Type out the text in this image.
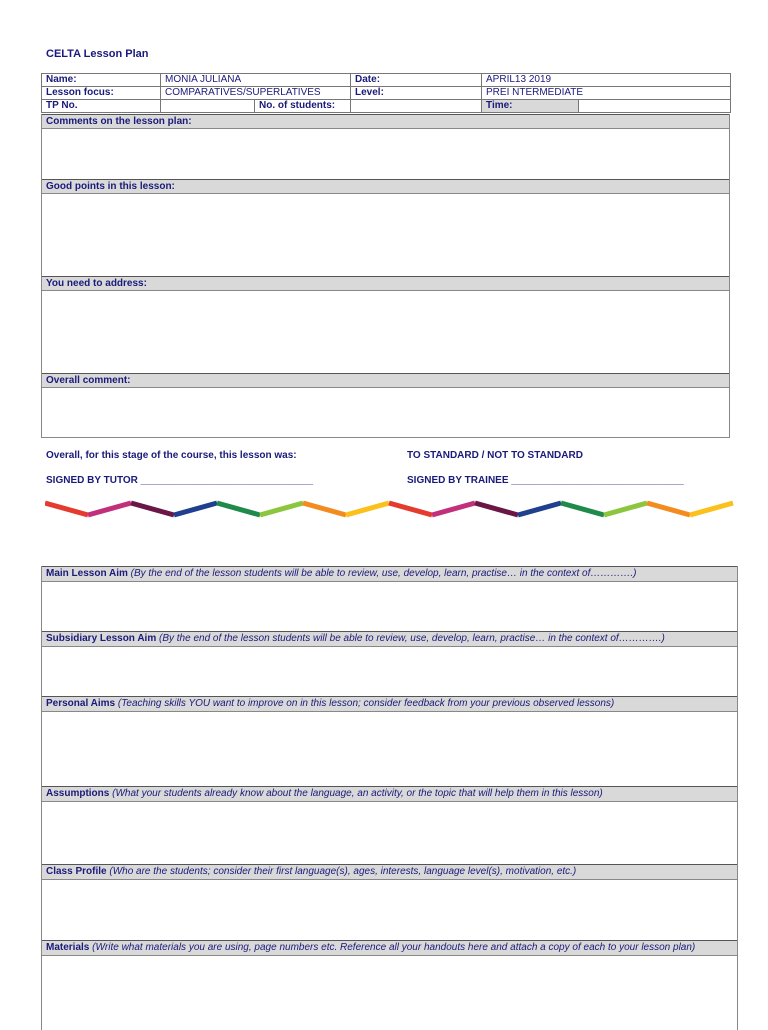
CELTA Lesson Plan
Name:	MONIA JULIANA		Date:	APRIL13 2019	
Lesson focus:	COMPARATIVES/SUPERLATIVES		Level:	PREI NTERMEDIATE	
TP No.		No. of students:		Time:	
Comments on the lesson plan:
Good points in this lesson:
You need to address:
Overall comment:
Overall, for this stage of the course, this lesson was:	TO STANDARD / NOT TO STANDARD
SIGNED BY TUTOR _______________________________	SIGNED BY TRAINEE _______________________________
Main Lesson Aim (By the end of the lesson students will be able to review, use, develop, learn, practise… in the context of………….)
Subsidiary Lesson Aim (By the end of the lesson students will be able to review, use, develop, learn, practise… in the context of………….)
Personal Aims (Teaching skills YOU want to improve on in this lesson; consider feedback from your previous observed lessons)
Assumptions (What your students already know about the language, an activity, or the topic that will help them in this lesson)
Class Profile (Who are the students; consider their first language(s), ages, interests, language level(s), motivation, etc.)
Materials (Write what materials you are using, page numbers etc. Reference all your handouts here and attach a copy of each to your lesson plan)
